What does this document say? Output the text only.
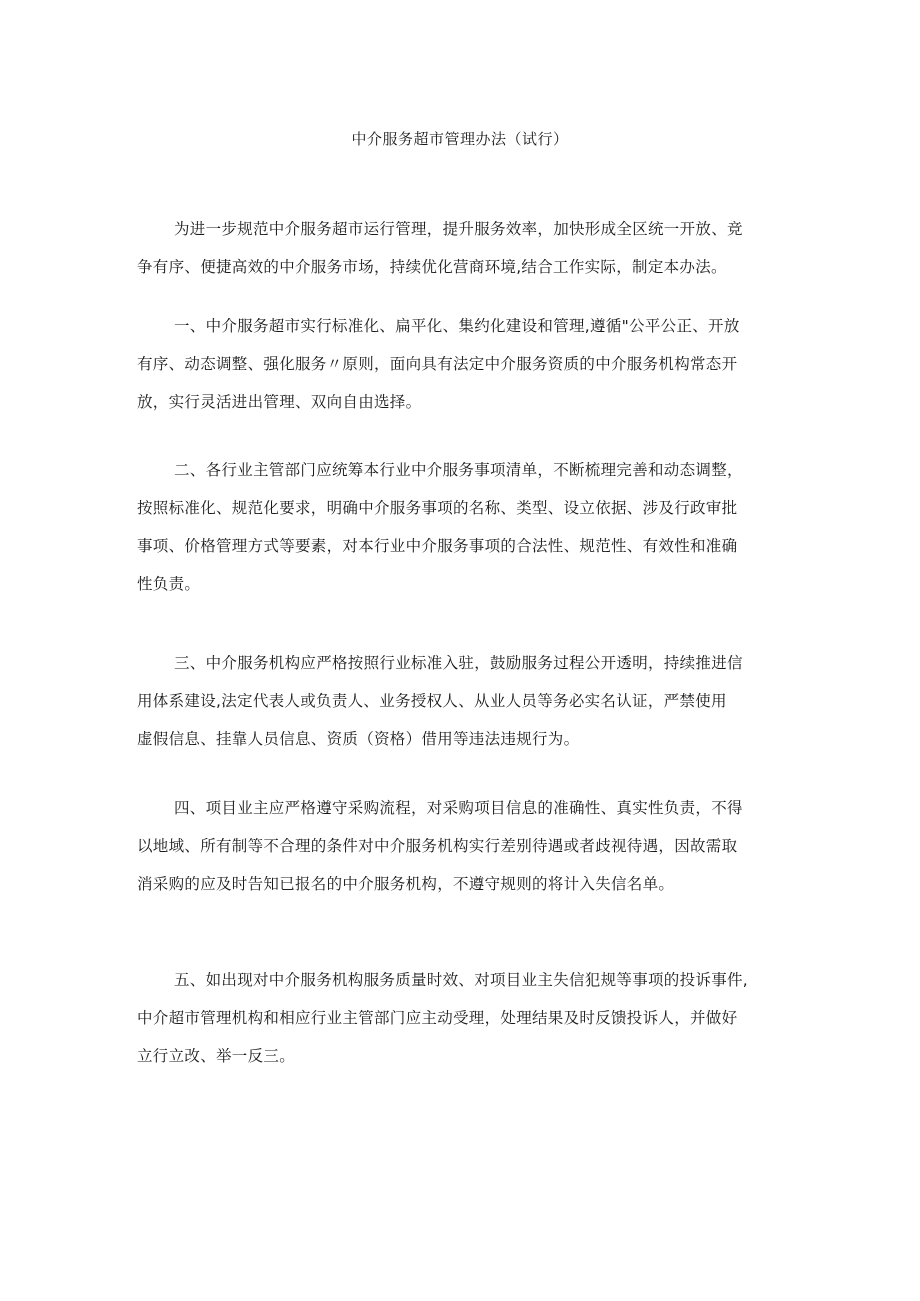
中介服务超市管理办法（试行）
为进一步规范中介服务超市运行管理，提升服务效率，加快形成全区统一开放、竞
争有序、便捷高效的中介服务市场，持续优化营商环境,结合工作实际，制定本办法。
一、中介服务超市实行标准化、扁平化、集约化建设和管理,遵循"公平公正、开放
有序、动态调整、强化服务〃原则，面向具有法定中介服务资质的中介服务机构常态开
放，实行灵活进出管理、双向自由选择。
二、各行业主管部门应统筹本行业中介服务事项清单，不断梳理完善和动态调整，
按照标准化、规范化要求，明确中介服务事项的名称、类型、设立依据、涉及行政审批
事项、价格管理方式等要素，对本行业中介服务事项的合法性、规范性、有效性和准确
性负责。
三、中介服务机构应严格按照行业标准入驻，鼓励服务过程公开透明，持续推进信
用体系建设,法定代表人或负责人、业务授权人、从业人员等务必实名认证，严禁使用
虚假信息、挂靠人员信息、资质（资格）借用等违法违规行为。
四、项目业主应严格遵守采购流程，对采购项目信息的准确性、真实性负责，不得
以地域、所有制等不合理的条件对中介服务机构实行差别待遇或者歧视待遇，因故需取
消采购的应及时告知已报名的中介服务机构，不遵守规则的将计入失信名单。
五、如出现对中介服务机构服务质量时效、对项目业主失信犯规等事项的投诉事件,
中介超市管理机构和相应行业主管部门应主动受理，处理结果及时反馈投诉人，并做好
立行立改、举一反三。
